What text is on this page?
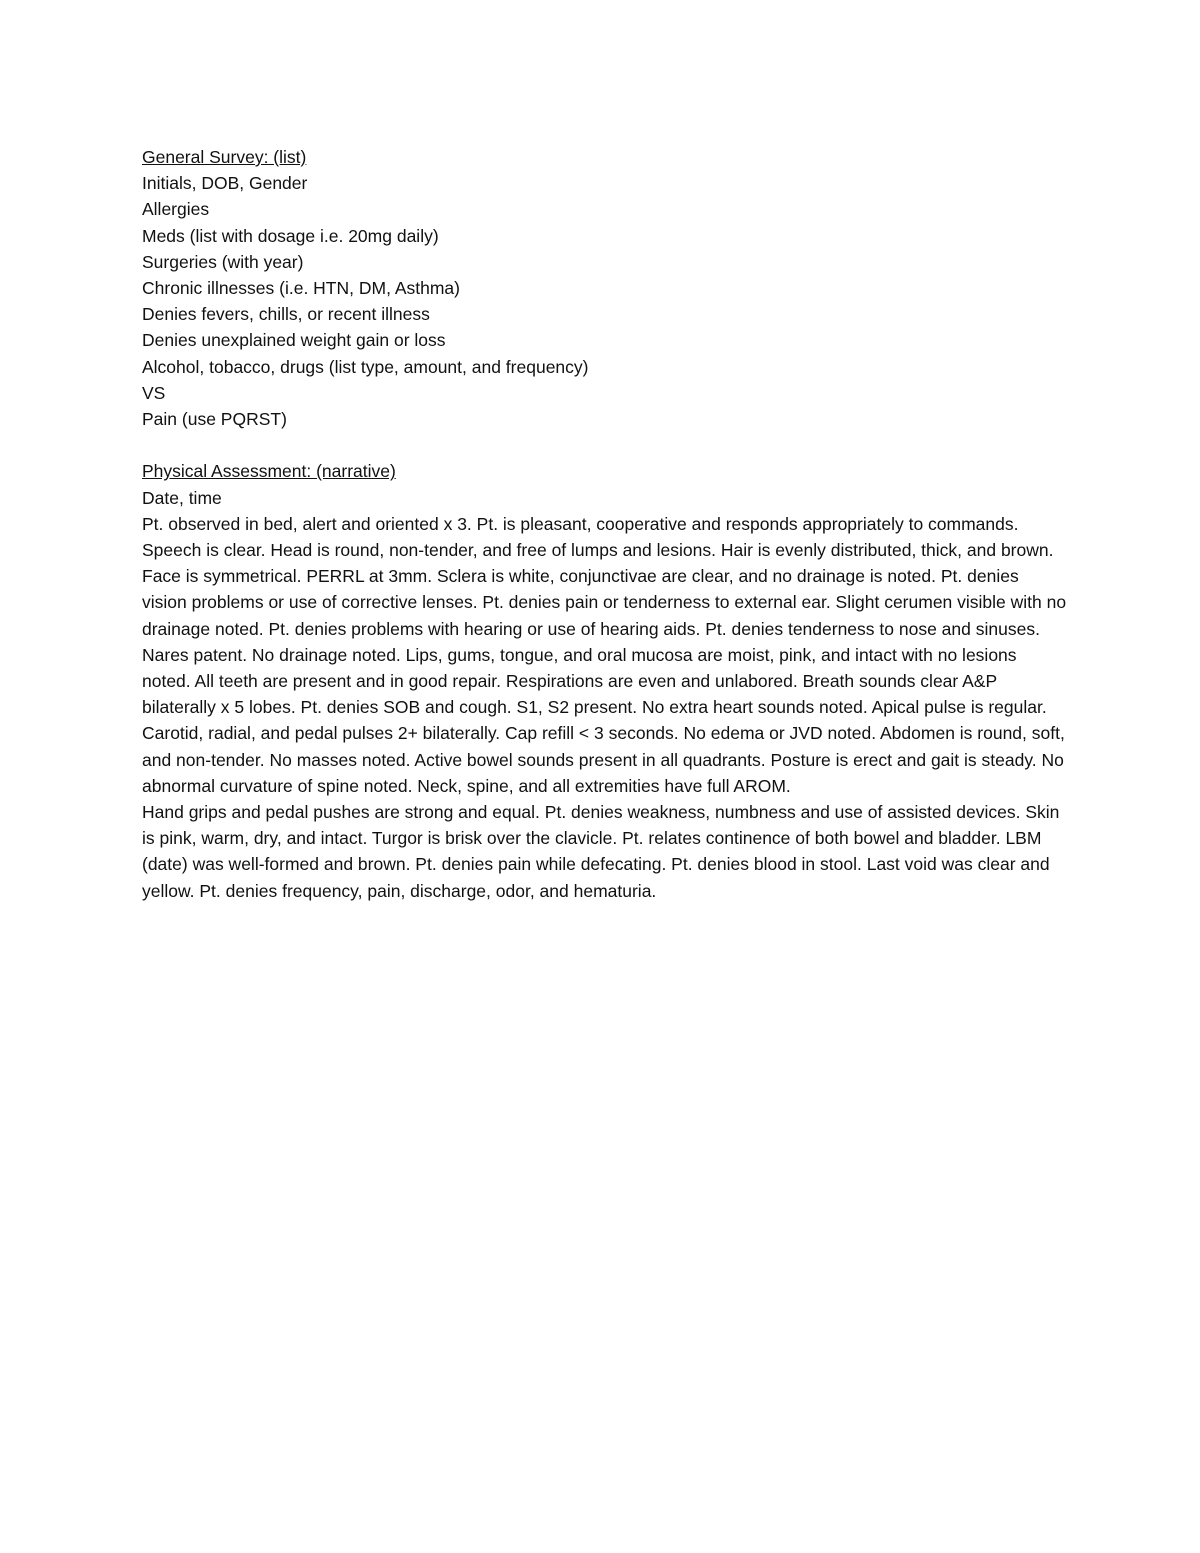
General Survey: (list)
Initials, DOB, Gender
Allergies
Meds (list with dosage i.e. 20mg daily)
Surgeries (with year)
Chronic illnesses (i.e. HTN, DM, Asthma)
Denies fevers, chills, or recent illness
Denies unexplained weight gain or loss
Alcohol, tobacco, drugs (list type, amount, and frequency)
VS
Pain (use PQRST)
Physical Assessment: (narrative)
Date, time

Pt. observed in bed, alert and oriented x 3. Pt. is pleasant, cooperative and responds appropriately to commands. Speech is clear. Head is round, non-tender, and free of lumps and lesions. Hair is evenly distributed, thick, and brown. Face is symmetrical. PERRL at 3mm. Sclera is white, conjunctivae are clear, and no drainage is noted. Pt. denies vision problems or use of corrective lenses. Pt. denies pain or tenderness to external ear. Slight cerumen visible with no drainage noted. Pt. denies problems with hearing or use of hearing aids. Pt. denies tenderness to nose and sinuses. Nares patent. No drainage noted. Lips, gums, tongue, and oral mucosa are moist, pink, and intact with no lesions noted. All teeth are present and in good repair. Respirations are even and unlabored. Breath sounds clear A&P bilaterally x 5 lobes. Pt. denies SOB and cough. S1, S2 present. No extra heart sounds noted. Apical pulse is regular. Carotid, radial, and pedal pulses 2+ bilaterally. Cap refill < 3 seconds. No edema or JVD noted. Abdomen is round, soft, and non-tender. No masses noted. Active bowel sounds present in all quadrants. Posture is erect and gait is steady. No abnormal curvature of spine noted. Neck, spine, and all extremities have full AROM.

Hand grips and pedal pushes are strong and equal. Pt. denies weakness, numbness and use of assisted devices. Skin is pink, warm, dry, and intact. Turgor is brisk over the clavicle. Pt. relates continence of both bowel and bladder. LBM (date) was well-formed and brown. Pt. denies pain while defecating. Pt. denies blood in stool. Last void was clear and yellow. Pt. denies frequency, pain, discharge, odor, and hematuria.
